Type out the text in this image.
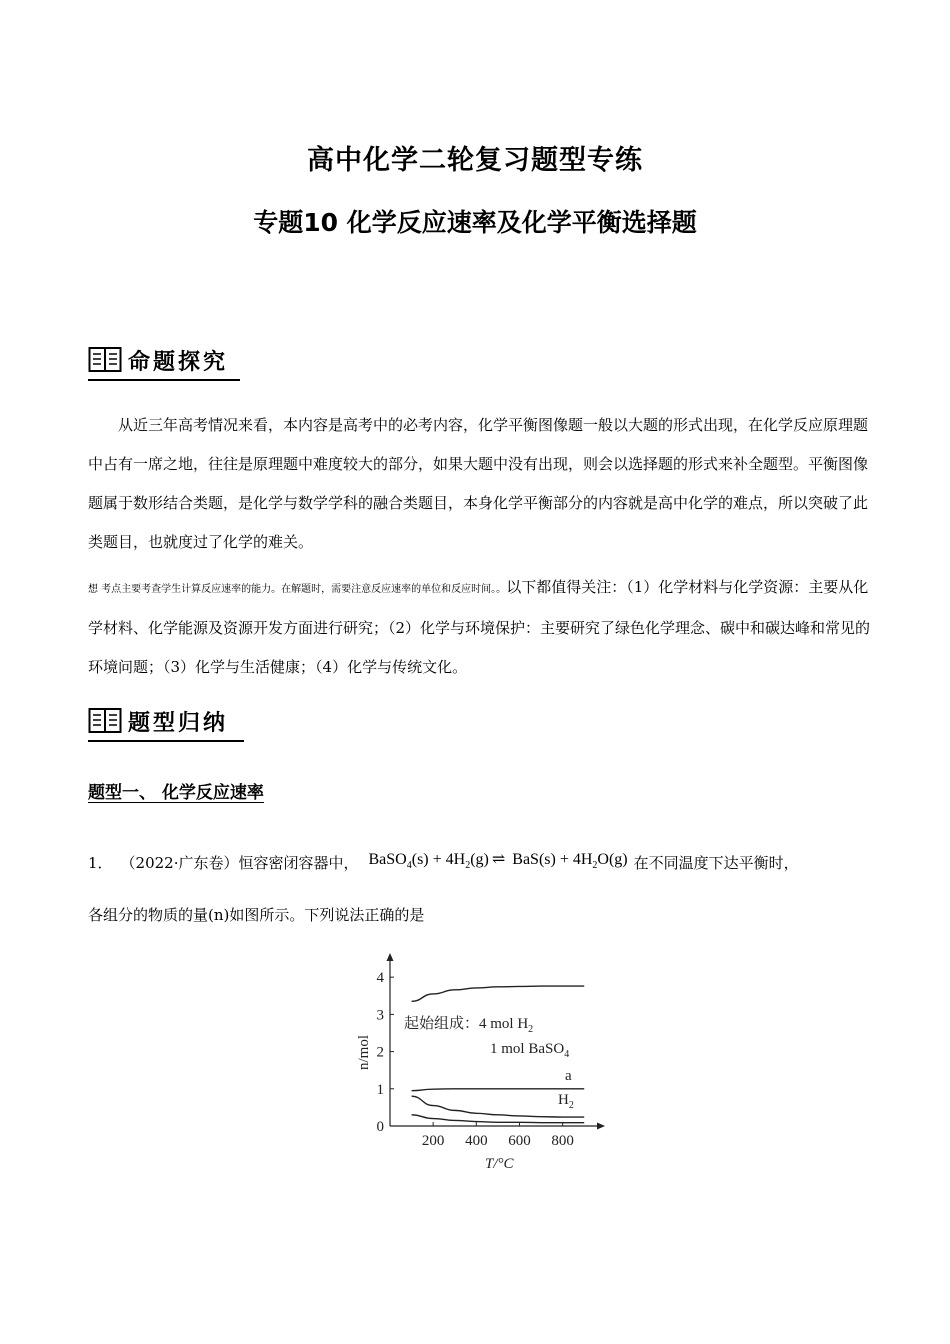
高中化学二轮复习题型专练
专题10 化学反应速率及化学平衡选择题
命题探究
从近三年高考情况来看，本内容是高考中的必考内容，化学平衡图像题一般以大题的形式出现，在化学反应原理题中占有一席之地，往往是原理题中难度较大的部分，如果大题中没有出现，则会以选择题的形式来补全题型。平衡图像题属于数形结合类题，是化学与数学学科的融合类题目，本身化学平衡部分的内容就是高中化学的难点，所以突破了此类题目，也就度过了化学的难关。
想 考点主要考查学生计算反应速率的能力。在解题时，需要注意反应速率的单位和反应时间。。以下都值得关注：（1）化学材料与化学资源：主要从化学材料、化学能源及资源开发方面进行研究；（2）化学与环境保护：主要研究了绿色化学理念、碳中和碳达峰和常见的环境问题；（3）化学与生活健康；（4）化学与传统文化。
题型归纳
题型一、 化学反应速率
1． （2022·广东卷）恒容密闭容器中， BaSO$_4$(s) + $4H_2(g)$ ⇌ $BaS(s) + 4H_2O(g)$ 在不同温度下达平衡时，
各组分的物质的量(n)如图所示。下列说法正确的是
0
1
2
3
4
200 400 600 800
n/mol
T/°C
起始组成：4 mol $H_2$
1 mol BaSO$_4$
a
$H_2$
